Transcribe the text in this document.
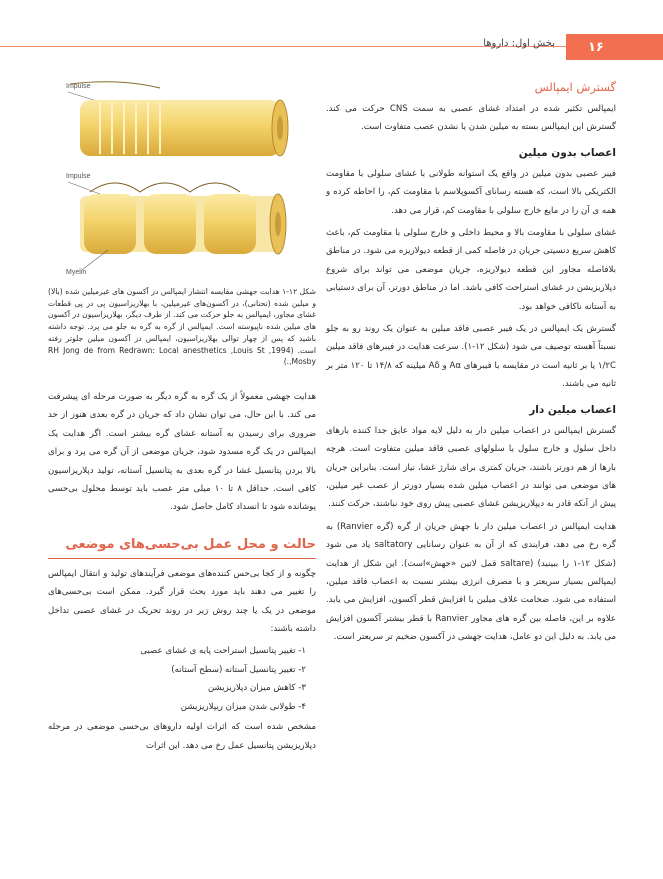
بخش اول: داروها	۱۶
Impulse
Impulse
Myelin
شکل ۱۲-۱ هدایت جهشی مقایسه انتشار ایمپالس در آکسون های غیرمیلین شده (بالا) و میلین شده (تحتانی)، در آکسون‌های غیرمیلین، با بهلاریزاسیون پی در پی قطعات غشای مجاور، ایمپالس به جلو حرکت می کند. از طرف دیگر، بهلاریزاسیون در آکسون های میلین شده ناپیوسته است. ایمپالس از گره به گره به جلو می پرد. توجه داشته باشید که پس از چهار توالی بهلاریزاسیون، ایمپالس در آکسون میلین جلوتر رفته است. (RH Jong de from Redrawn: Local anesthetics ,Louis St ,1994 ,Mosby.)
گسترش ایمپالس

ایمپالس تکثیر شده در امتداد غشای عصبی به سمت CNS حرکت می کند. گسترش این ایمپالس بسته به میلین شدن یا نشدن عصب متفاوت است.

اعصاب بدون میلین

فیبر عصبی بدون میلین در واقع یک استوانه طولانی با غشای سلولی با مقاومت الکتریکی بالا است، که هسته رسانای آکسوپلاسم با مقاومت کم، را احاطه کرده و همه ی آن را در مایع خارج سلولی با مقاومت کم، قرار می دهد.

غشای سلولی با مقاومت بالا و محیط داخلی و خارج سلولی با مقاومت کم، باعث کاهش سریع دنسیتی جریان در فاصله کمی از قطعه دیولاریزه می شود. در مناطق بلافاصله مجاور این قطعه دیولاریزه، جریان موضعی می تواند برای شروع دپلاریزیشن در غشای استراحت کافی باشد. اما در مناطق دورتر، آن برای دستیابی به آستانه ناکافی خواهد بود.

گسترش یک ایمپالس در یک فیبر عصبی فاقد میلین به عنوان یک روند رو به جلو نسبتاً آهسته توصیف می شود (شکل ۱۲-۱). سرعت هدایت در فیبرهای فاقد میلین ۱/۲C یا بر ثانیه است در مقایسه با فیبرهای Aα و Aδ میلینه که ۱۴/۸ تا ۱۲۰ متر بر ثانیه می باشند.

اعصاب میلین دار

گسترش ایمپالس در اعصاب میلین دار به دلیل لایه مواد عایق جدا کننده بارهای داخل سلول و خارج سلول یا سلولهای عصبی فاقد میلین متفاوت است. هرچه بارها از هم دورتر باشند، جریان کمتری برای شارژ غشا، نیاز است. بنابراین جریان های موضعی می توانند در اعصاب میلین شده بسیار دورتر از عصب غیر میلین، پیش از آنکه قادر به دیپلاریزیشن غشای عصبی پیش روی خود نباشند، حرکت کنند.

هدایت ایمپالس در اعصاب میلین دار با جهش جریان از گره (گره Ranvier) به گره رخ می دهد، فرایندی که از آن به عنوان رسانایی saltatory یاد می شود (شکل ۱۲-۱ را ببینید) (saltare قمل لاتین «جهش»است). این شکل از هدایت ایمپالس بسیار سریعتر و با مصرف انرژی بیشتر نسبت به اعصاب فاقد میلین، استفاده می شود. ضخامت غلاف میلین با افزایش قطر آکسون، افزایش می یابد. علاوه بر این، فاصله بین گره های مجاور Ranvier با قطر بیشتر آکسون افزایش می یابد. به دلیل این دو عامل، هدایت جهشی در آکسون ضخیم تر سریعتر است.

هدایت جهشی معمولاً از یک گره به گره دیگر به صورت مرحله ای پیشرفت می کند. با این حال، می توان نشان داد که جریان در گره بعدی هنوز از حد ضروری برای رسیدن به آستانه غشای گره بیشتر است. اگر هدایت یک ایمپالس در یک گره مسدود شود، جریان موضعی از آن گره می پرد و برای بالا بردن پتانسیل غشا در گره بعدی به پتانسیل آستانه، تولید دپلاریزاسیون کافی است. حداقل ۸ تا ۱۰ میلی متر عصب باید توسط محلول بی‌حسی پوشانده شود تا انسداد کامل حاصل شود.

حالت و محل عمل بی‌حسی‌های موضعی

چگونه و از کجا بی‌حس کننده‌های موضعی فرآیندهای تولید و انتقال ایمپالس را تغییر می دهند باید مورد بحث قرار گیرد. ممکن است بی‌حسی‌های موضعی در یک یا چند روش زیر در روند تحریک در غشای عصبی تداخل داشته باشند:

۱- تغییر پتانسیل استراحت پایه ی غشای عصبی
۲- تغییر پتانسیل آستانه (سطح آستانه)
۳- کاهش میزان دپلاریزیشن
۴- طولانی شدن میزان ریپلاریزیشن

مشخص شده است که اثرات اولیه داروهای بی‌حسی موضعی در مرحله دپلاریزیشن پتانسیل عمل رخ می دهد. این اثرات
